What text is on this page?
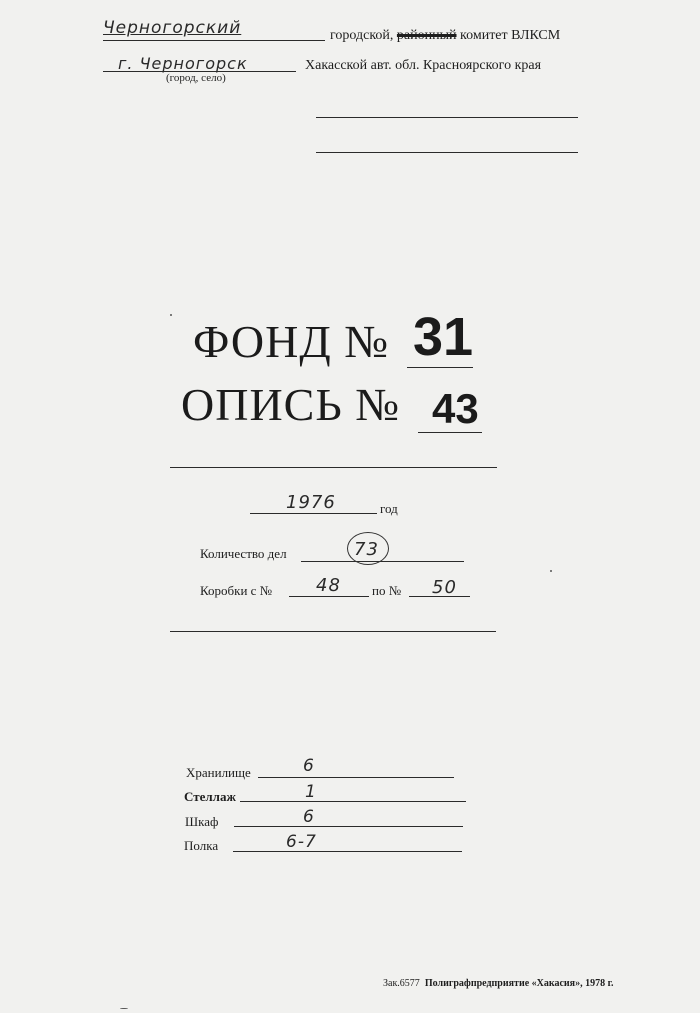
Черногорский	городской, районный комитет ВЛКСМ
г. Черногорск
(город, село)
Хакасской авт. обл. Красноярского края
ФОНД № 31
ОПИСЬ № 43
1976	год
Количество дел	73
Коробки с № 48 по № 50
Хранилище	6
Стеллаж	1
Шкаф	6
Полка	6-7
Зак.6577 Полиграфпредприятие «Хакасия», 1978 г.
